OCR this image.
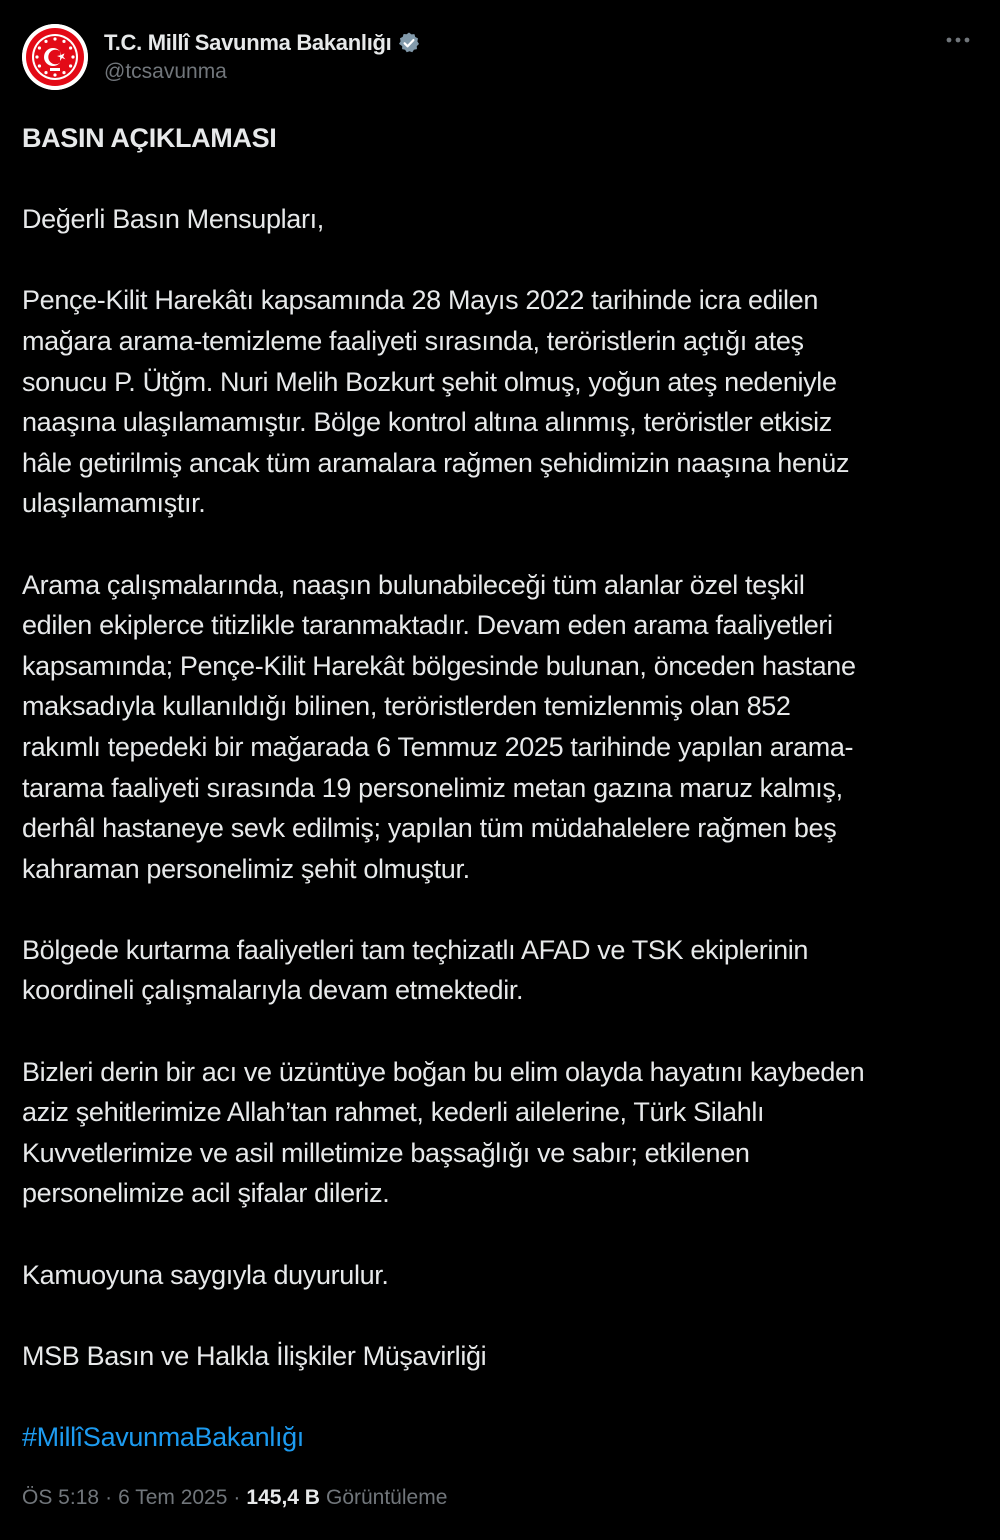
T.C. Millî Savunma Bakanlığı
@tcsavunma

BASIN AÇIKLAMASI

Değerli Basın Mensupları,

Pençe-Kilit Harekâtı kapsamında 28 Mayıs 2022 tarihinde icra edilen
mağara arama-temizleme faaliyeti sırasında, teröristlerin açtığı ateş
sonucu P. Ütğm. Nuri Melih Bozkurt şehit olmuş, yoğun ateş nedeniyle
naaşına ulaşılamamıştır. Bölge kontrol altına alınmış, teröristler etkisiz
hâle getirilmiş ancak tüm aramalara rağmen şehidimizin naaşına henüz
ulaşılamamıştır.

Arama çalışmalarında, naaşın bulunabileceği tüm alanlar özel teşkil
edilen ekiplerce titizlikle taranmaktadır. Devam eden arama faaliyetleri
kapsamında; Pençe-Kilit Harekât bölgesinde bulunan, önceden hastane
maksadıyla kullanıldığı bilinen, teröristlerden temizlenmiş olan 852
rakımlı tepedeki bir mağarada 6 Temmuz 2025 tarihinde yapılan arama-
tarama faaliyeti sırasında 19 personelimiz metan gazına maruz kalmış,
derhâl hastaneye sevk edilmiş; yapılan tüm müdahalelere rağmen beş
kahraman personelimiz şehit olmuştur.

Bölgede kurtarma faaliyetleri tam teçhizatlı AFAD ve TSK ekiplerinin
koordineli çalışmalarıyla devam etmektedir.

Bizleri derin bir acı ve üzüntüye boğan bu elim olayda hayatını kaybeden
aziz şehitlerimize Allah’tan rahmet, kederli ailelerine, Türk Silahlı
Kuvvetlerimize ve asil milletimize başsağlığı ve sabır; etkilenen
personelimize acil şifalar dileriz.

Kamuoyuna saygıyla duyurulur.

MSB Basın ve Halkla İlişkiler Müşavirliği

#MillîSavunmaBakanlığı

ÖS 5:18 · 6 Tem 2025 · 145,4 B Görüntüleme
